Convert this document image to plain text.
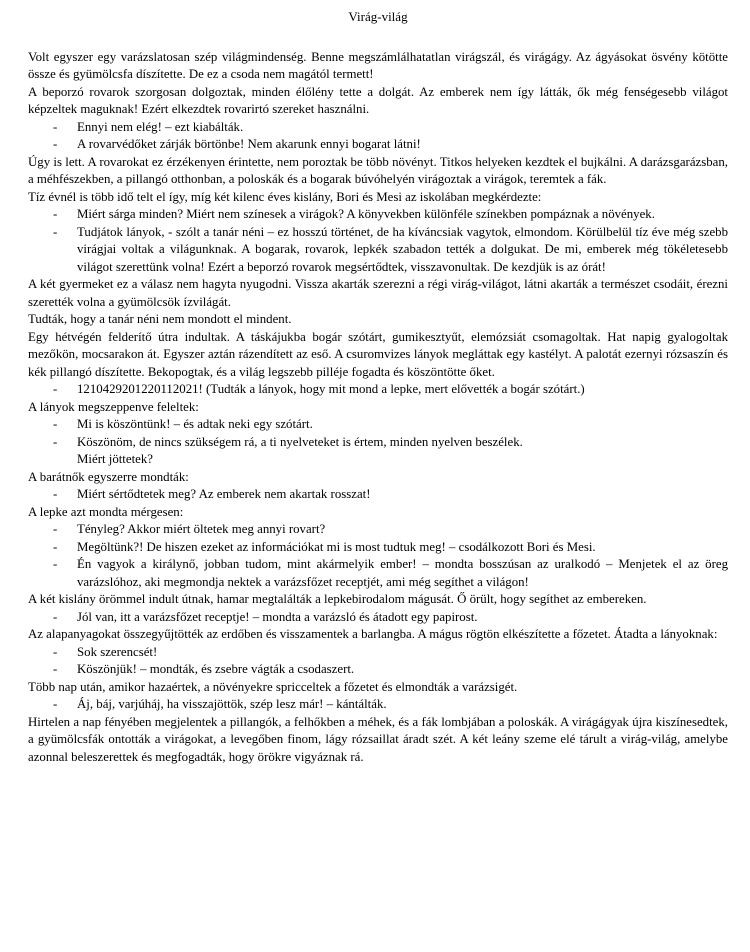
Virág-világ

Volt egyszer egy varázslatosan szép világmindenség. Benne megszámlálhatatlan virágszál, és virágágy. Az ágyásokat ösvény kötötte össze és gyümölcsfa díszítette. De ez a csoda nem magától termett!

A beporzó rovarok szorgosan dolgoztak, minden élőlény tette a dolgát. Az emberek nem így látták, ők még fenségesebb világot képzeltek maguknak! Ezért elkezdtek rovarirtó szereket használni.

- Ennyi nem elég! – ezt kiabálták.
- A rovarvédőket zárják börtönbe! Nem akarunk ennyi bogarat látni!

Úgy is lett. A rovarokat ez érzékenyen érintette, nem poroztak be több növényt. Titkos helyeken kezdtek el bujkálni. A darázsgarázsban, a méhfészekben, a pillangó otthonban, a poloskák és a bogarak búvóhelyén virágoztak a virágok, teremtek a fák.

Tíz évnél is több idő telt el így, míg két kilenc éves kislány, Bori és Mesi az iskolában megkérdezte:

- Miért sárga minden? Miért nem színesek a virágok? A könyvekben különféle színekben pompáznak a növények.
- Tudjátok lányok, - szólt a tanár néni – ez hosszú történet, de ha kíváncsiak vagytok, elmondom. Körülbelül tíz éve még szebb virágjai voltak a világunknak. A bogarak, rovarok, lepkék szabadon tették a dolgukat. De mi, emberek még tökéletesebb világot szerettünk volna! Ezért a beporzó rovarok megsértődtek, visszavonultak. De kezdjük is az órát!

A két gyermeket ez a válasz nem hagyta nyugodni. Vissza akarták szerezni a régi virág-világot, látni akarták a természet csodáit, érezni szerették volna a gyümölcsök ízvilágát.

Tudták, hogy a tanár néni nem mondott el mindent.

Egy hétvégén felderítő útra indultak. A táskájukba bogár szótárt, gumikesztyűt, elemózsiát csomagoltak. Hat napig gyalogoltak mezőkön, mocsarakon át. Egyszer aztán rázendített az eső. A csuromvizes lányok megláttak egy kastélyt. A palotát ezernyi rózsaszín és kék pillangó díszítette. Bekopogtak, és a világ legszebb pilléje fogadta és köszöntötte őket.

- 1210429201220112021! (Tudták a lányok, hogy mit mond a lepke, mert elővették a bogár szótárt.)

A lányok megszeppenve feleltek:

- Mi is köszöntünk! – és adtak neki egy szótárt.
- Köszönöm, de nincs szükségem rá, a ti nyelveteket is értem, minden nyelven beszélek.

Miért jöttetek?

A barátnők egyszerre mondták:

- Miért sértődtetek meg? Az emberek nem akartak rosszat!

A lepke azt mondta mérgesen:

- Tényleg? Akkor miért öltetek meg annyi rovart?
- Megöltünk?! De hiszen ezeket az információkat mi is most tudtuk meg! – csodálkozott Bori és Mesi.
- Én vagyok a királynő, jobban tudom, mint akármelyik ember! – mondta bosszúsan az uralkodó – Menjetek el az öreg varázslóhoz, aki megmondja nektek a varázsfőzet receptjét, ami még segíthet a világon!

A két kislány örömmel indult útnak, hamar megtalálták a lepkebirodalom mágusát. Ő örült, hogy segíthet az embereken.

- Jól van, itt a varázsfőzet receptje! – mondta a varázsló és átadott egy papirost.

Az alapanyagokat összegyűjtötték az erdőben és visszamentek a barlangba. A mágus rögtön elkészítette a főzetet. Átadta a lányoknak:

- Sok szerencsét!
- Köszönjük! – mondták, és zsebre vágták a csodaszert.

Több nap után, amikor hazaértek, a növényekre spricceltek a főzetet és elmondták a varázsigét.

- Áj, báj, varjúháj, ha visszajöttök, szép lesz már! – kántálták.

Hirtelen a nap fényében megjelentek a pillangók, a felhőkben a méhek, és a fák lombjában a poloskák. A virágágyak újra kiszínesedtek, a gyümölcsfák ontották a virágokat, a levegőben finom, lágy rózsaillat áradt szét. A két leány szeme elé tárult a virág-világ, amelybe azonnal beleszerettek és megfogadták, hogy örökre vigyáznak rá.
